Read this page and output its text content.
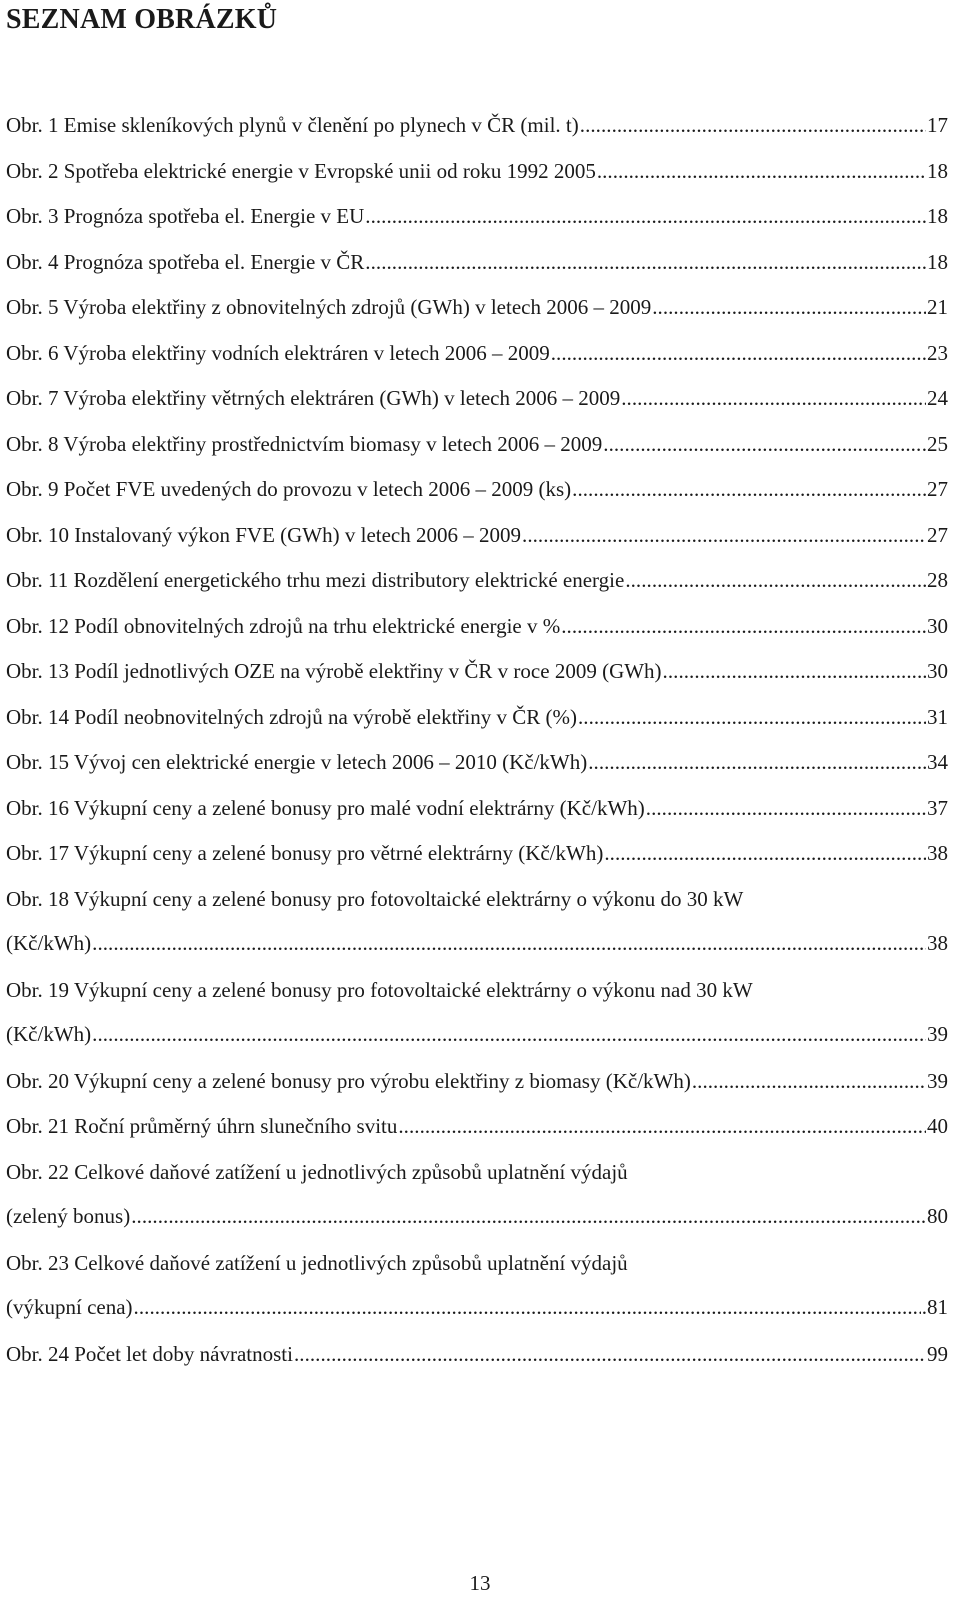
SEZNAM OBRÁZKŮ
Obr. 1 Emise skleníkových plynů v členění po plynech v ČR (mil. t) . . .	17
Obr. 2 Spotřeba elektrické energie v Evropské unii od roku 1992 2005 . . .	18
Obr. 3 Prognóza spotřeba el. Energie v EU . . .	18
Obr. 4 Prognóza spotřeba el. Energie v ČR . . .	18
Obr. 5 Výroba elektřiny z obnovitelných zdrojů (GWh) v letech 2006 – 2009 . . .	21
Obr. 6 Výroba elektřiny vodních elektráren v letech 2006 – 2009 . . .	23
Obr. 7 Výroba elektřiny větrných elektráren (GWh) v letech 2006 – 2009 . . .	24
Obr. 8 Výroba elektřiny prostřednictvím biomasy v letech 2006 – 2009 . . .	.25
Obr. 9 Počet FVE uvedených do provozu v letech 2006 – 2009 (ks) . . .	27
Obr. 10 Instalovaný výkon FVE (GWh) v letech 2006 – 2009 . . .	27
Obr. 11 Rozdělení energetického trhu mezi distributory elektrické energie . . .	28
Obr. 12 Podíl obnovitelných zdrojů na trhu elektrické energie v % . . .	30
Obr. 13 Podíl jednotlivých OZE na výrobě elektřiny v ČR v roce 2009 (GWh) . . .	30
Obr. 14 Podíl neobnovitelných zdrojů na výrobě elektřiny v ČR (%) . . .	31
Obr. 15 Vývoj cen elektrické energie v letech 2006 – 2010 (Kč/kWh) . . .	34
Obr. 16 Výkupní ceny a zelené bonusy pro malé vodní elektrárny (Kč/kWh) . . .	37
Obr. 17 Výkupní ceny a zelené bonusy pro větrné elektrárny (Kč/kWh) . . .	38
Obr. 18 Výkupní ceny a zelené bonusy pro fotovoltaické elektrárny o výkonu do 30 kW
(Kč/kWh) . . .	38
Obr. 19 Výkupní ceny a zelené bonusy pro fotovoltaické elektrárny o výkonu nad 30 kW
(Kč/kWh) . . .	39
Obr. 20 Výkupní ceny a zelené bonusy pro výrobu elektřiny z biomasy (Kč/kWh) . . .	39
Obr. 21 Roční průměrný úhrn slunečního svitu . . .	40
Obr. 22 Celkové daňové zatížení u jednotlivých způsobů uplatnění výdajů
(zelený bonus) . . .	80
Obr. 23 Celkové daňové zatížení u jednotlivých způsobů uplatnění výdajů
(výkupní cena) . . .	.81
Obr. 24 Počet let doby návratnosti . . .	99
13
